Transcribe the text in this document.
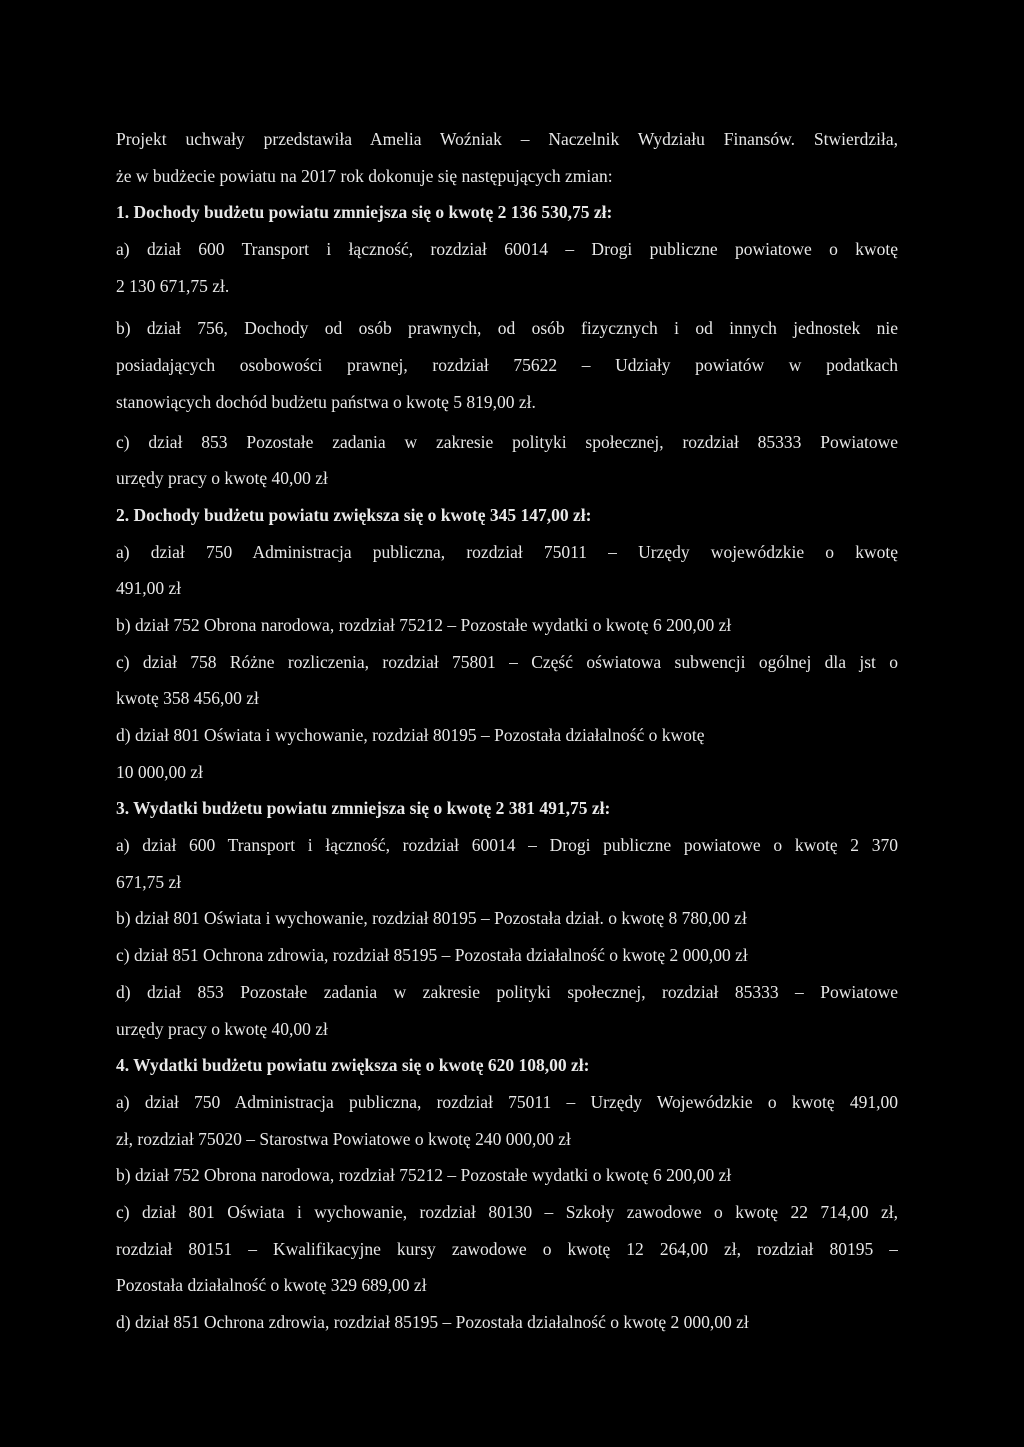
Projekt uchwały przedstawiła Amelia Woźniak – Naczelnik Wydziału Finansów. Stwierdziła,
że w budżecie powiatu na 2017 rok dokonuje się następujących zmian:
1. Dochody budżetu powiatu zmniejsza się o kwotę 2 136 530,75 zł:
a) dział 600 Transport i łączność, rozdział 60014 – Drogi publiczne powiatowe o kwotę
2 130 671,75 zł.
b) dział 756, Dochody od osób prawnych, od osób fizycznych i od innych jednostek nie
posiadających osobowości prawnej, rozdział 75622 – Udziały powiatów w podatkach
stanowiących dochód budżetu państwa o kwotę 5 819,00 zł.
c) dział 853 Pozostałe zadania w zakresie polityki społecznej, rozdział 85333 Powiatowe
urzędy pracy o kwotę 40,00 zł
2. Dochody budżetu powiatu zwiększa się o kwotę 345 147,00 zł:
a) dział 750 Administracja publiczna, rozdział 75011 – Urzędy wojewódzkie o kwotę
491,00 zł
b) dział 752 Obrona narodowa, rozdział 75212 – Pozostałe wydatki o kwotę 6 200,00 zł
c) dział 758 Różne rozliczenia, rozdział 75801 – Część oświatowa subwencji ogólnej dla jst o
kwotę 358 456,00 zł
d) dział 801 Oświata i wychowanie, rozdział 80195 – Pozostała działalność o kwotę
10 000,00 zł
3. Wydatki budżetu powiatu zmniejsza się o kwotę 2 381 491,75 zł:
a) dział 600 Transport i łączność, rozdział 60014 – Drogi publiczne powiatowe o kwotę 2 370
671,75 zł
b) dział 801 Oświata i wychowanie, rozdział 80195 – Pozostała dział. o kwotę 8 780,00 zł
c) dział 851 Ochrona zdrowia, rozdział 85195 – Pozostała działalność o kwotę 2 000,00 zł
d) dział 853 Pozostałe zadania w zakresie polityki społecznej, rozdział 85333 – Powiatowe
urzędy pracy o kwotę 40,00 zł
4. Wydatki budżetu powiatu zwiększa się o kwotę 620 108,00 zł:
a) dział 750 Administracja publiczna, rozdział 75011 – Urzędy Wojewódzkie o kwotę 491,00
zł, rozdział 75020 – Starostwa Powiatowe o kwotę 240 000,00 zł
b) dział 752 Obrona narodowa, rozdział 75212 – Pozostałe wydatki o kwotę 6 200,00 zł
c) dział 801 Oświata i wychowanie, rozdział 80130 – Szkoły zawodowe o kwotę 22 714,00 zł,
rozdział 80151 – Kwalifikacyjne kursy zawodowe o kwotę 12 264,00 zł, rozdział 80195 –
Pozostała działalność o kwotę 329 689,00 zł
d) dział 851 Ochrona zdrowia, rozdział 85195 – Pozostała działalność o kwotę 2 000,00 zł
